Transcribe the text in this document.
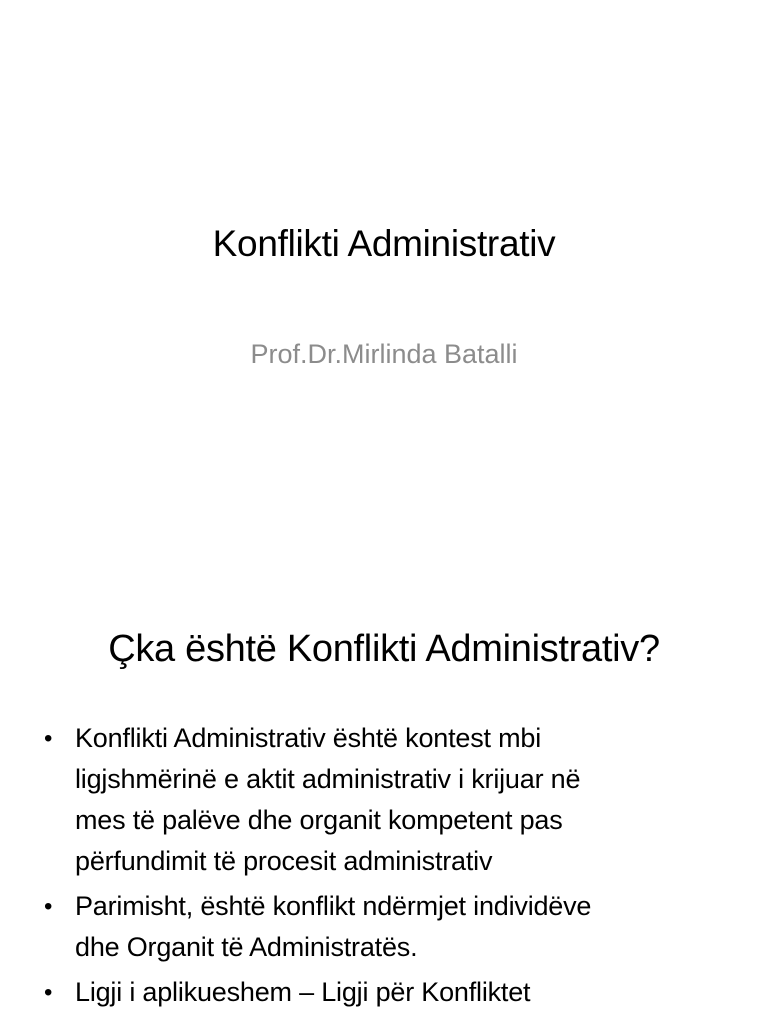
Konflikti Administrativ
Prof.Dr.Mirlinda Batalli
Çka është Konflikti Administrativ?
• Konflikti Administrativ është kontest mbi
ligjshmërinë e aktit administrativ i krijuar në
mes të palëve dhe organit kompetent pas
përfundimit të procesit administrativ
• Parimisht, është konflikt ndërmjet individëve
dhe Organit të Administratës.
• Ligji i aplikueshem – Ligji për Konfliktet
